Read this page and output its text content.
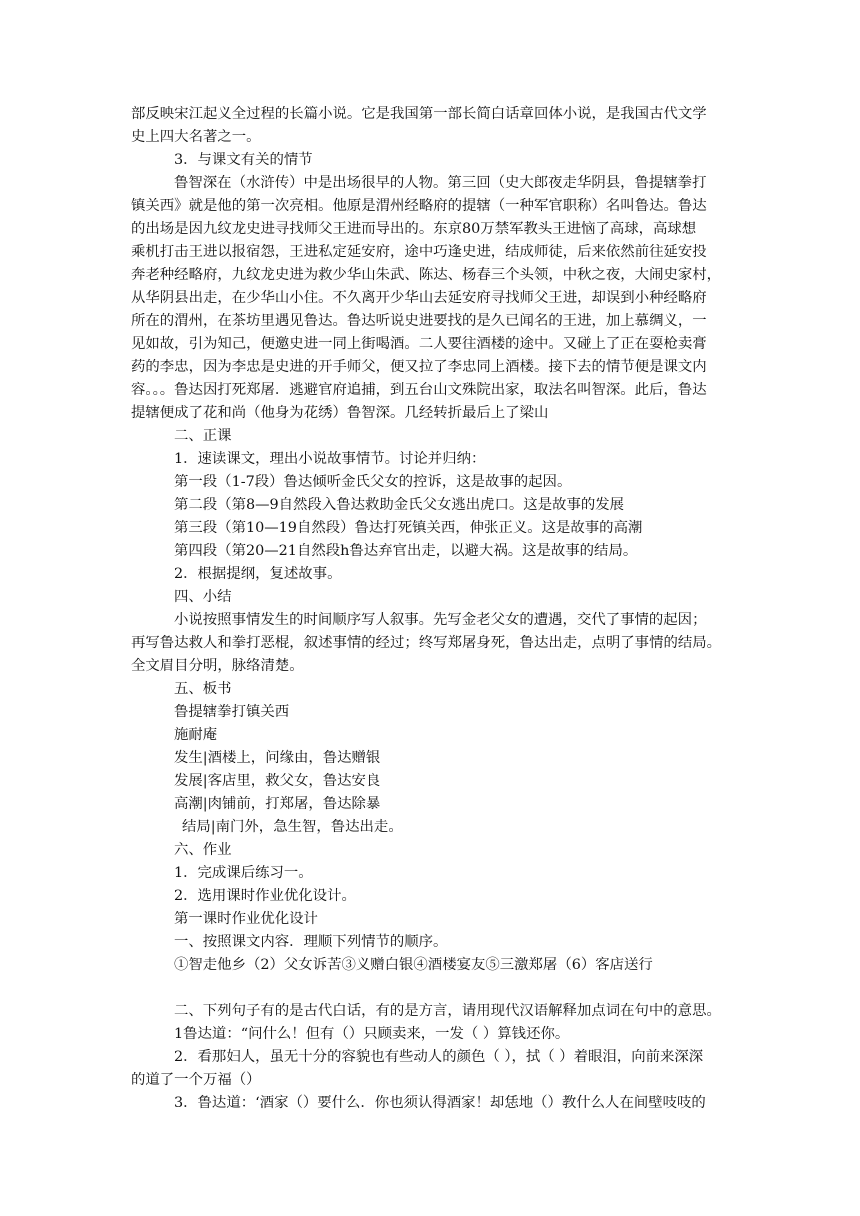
部反映宋江起义全过程的长篇小说。它是我国第一部长简白话章回体小说，是我国古代文学
史上四大名著之一。
3．与课文有关的情节
鲁智深在（水浒传）中是出场很早的人物。第三回（史大郎夜走华阴县，鲁提辖拳打
镇关西》就是他的第一次亮相。他原是渭州经略府的提辖（一种军官职称）名叫鲁达。鲁达
的出场是因九纹龙史进寻找师父王进而导出的。东京80万禁军教头王进恼了高球，高球想
乘机打击王进以报宿怨，王进私定延安府，途中巧逢史进，结成师徒，后来依然前往延安投
奔老种经略府，九纹龙史进为救少华山朱武、陈达、杨春三个头领，中秋之夜，大闹史家村，
从华阴县出走，在少华山小住。不久离开少华山去延安府寻找师父王进，却误到小种经略府
所在的渭州，在茶坊里遇见鲁达。鲁达听说史进要找的是久已闻名的王进，加上慕绸义，一
见如故，引为知己，便邀史进一同上街喝酒。二人要往酒楼的途中。又碰上了正在耍枪卖膏
药的李忠，因为李忠是史进的开手师父，便又拉了李忠同上酒楼。接下去的情节便是课文内
容。。。鲁达因打死郑屠．逃避官府追捕，到五台山文殊院出家，取法名叫智深。此后，鲁达
提辖便成了花和尚（他身为花绣）鲁智深。几经转折最后上了梁山
二、正课
1．速读课文，理出小说故事情节。讨论并归纳：
第一段（1-7段）鲁达倾听金氏父女的控诉，这是故事的起因。
第二段（第8—9自然段入鲁达救助金氏父女逃出虎口。这是故事的发展
第三段（第10—19自然段）鲁达打死镇关西，伸张正义。这是故事的高潮
第四段（第20—21自然段h鲁达弃官出走，以避大祸。这是故事的结局。
2．根据提纲，复述故事。
四、小结
小说按照事情发生的时间顺序写人叙事。先写金老父女的遭遇，交代了事情的起因；
再写鲁达救人和拳打恶棍，叙述事情的经过；终写郑屠身死，鲁达出走，点明了事情的结局。
全文眉目分明，脉络清楚。
五、板书
鲁提辖拳打镇关西
施耐庵
发生|酒楼上，问缘由，鲁达赠银
发展|客店里，救父女，鲁达安良
高潮|肉铺前，打郑屠，鲁达除暴
结局|南门外，急生智，鲁达出走。
六、作业
1．完成课后练习一。
2．选用课时作业优化设计。
第一课时作业优化设计
一、按照课文内容．理顺下列情节的顺序。
①智走他乡（2）父女诉苦③义赠白银④酒楼宴友⑤三激郑屠（6）客店送行
二、下列句子有的是古代白话，有的是方言，请用现代汉语解释加点词在句中的意思。
1鲁达道：“问什么！但有（）只顾卖来，一发（ ）算钱还你。
2．看那妇人，虽无十分的容貌也有些动人的颜色（ ），拭（ ）着眼泪，向前来深深
的道了一个万福（）
3．鲁达道：‘酒家（）要什么．你也须认得酒家！却恁地（）教什么人在间壁吱吱的
